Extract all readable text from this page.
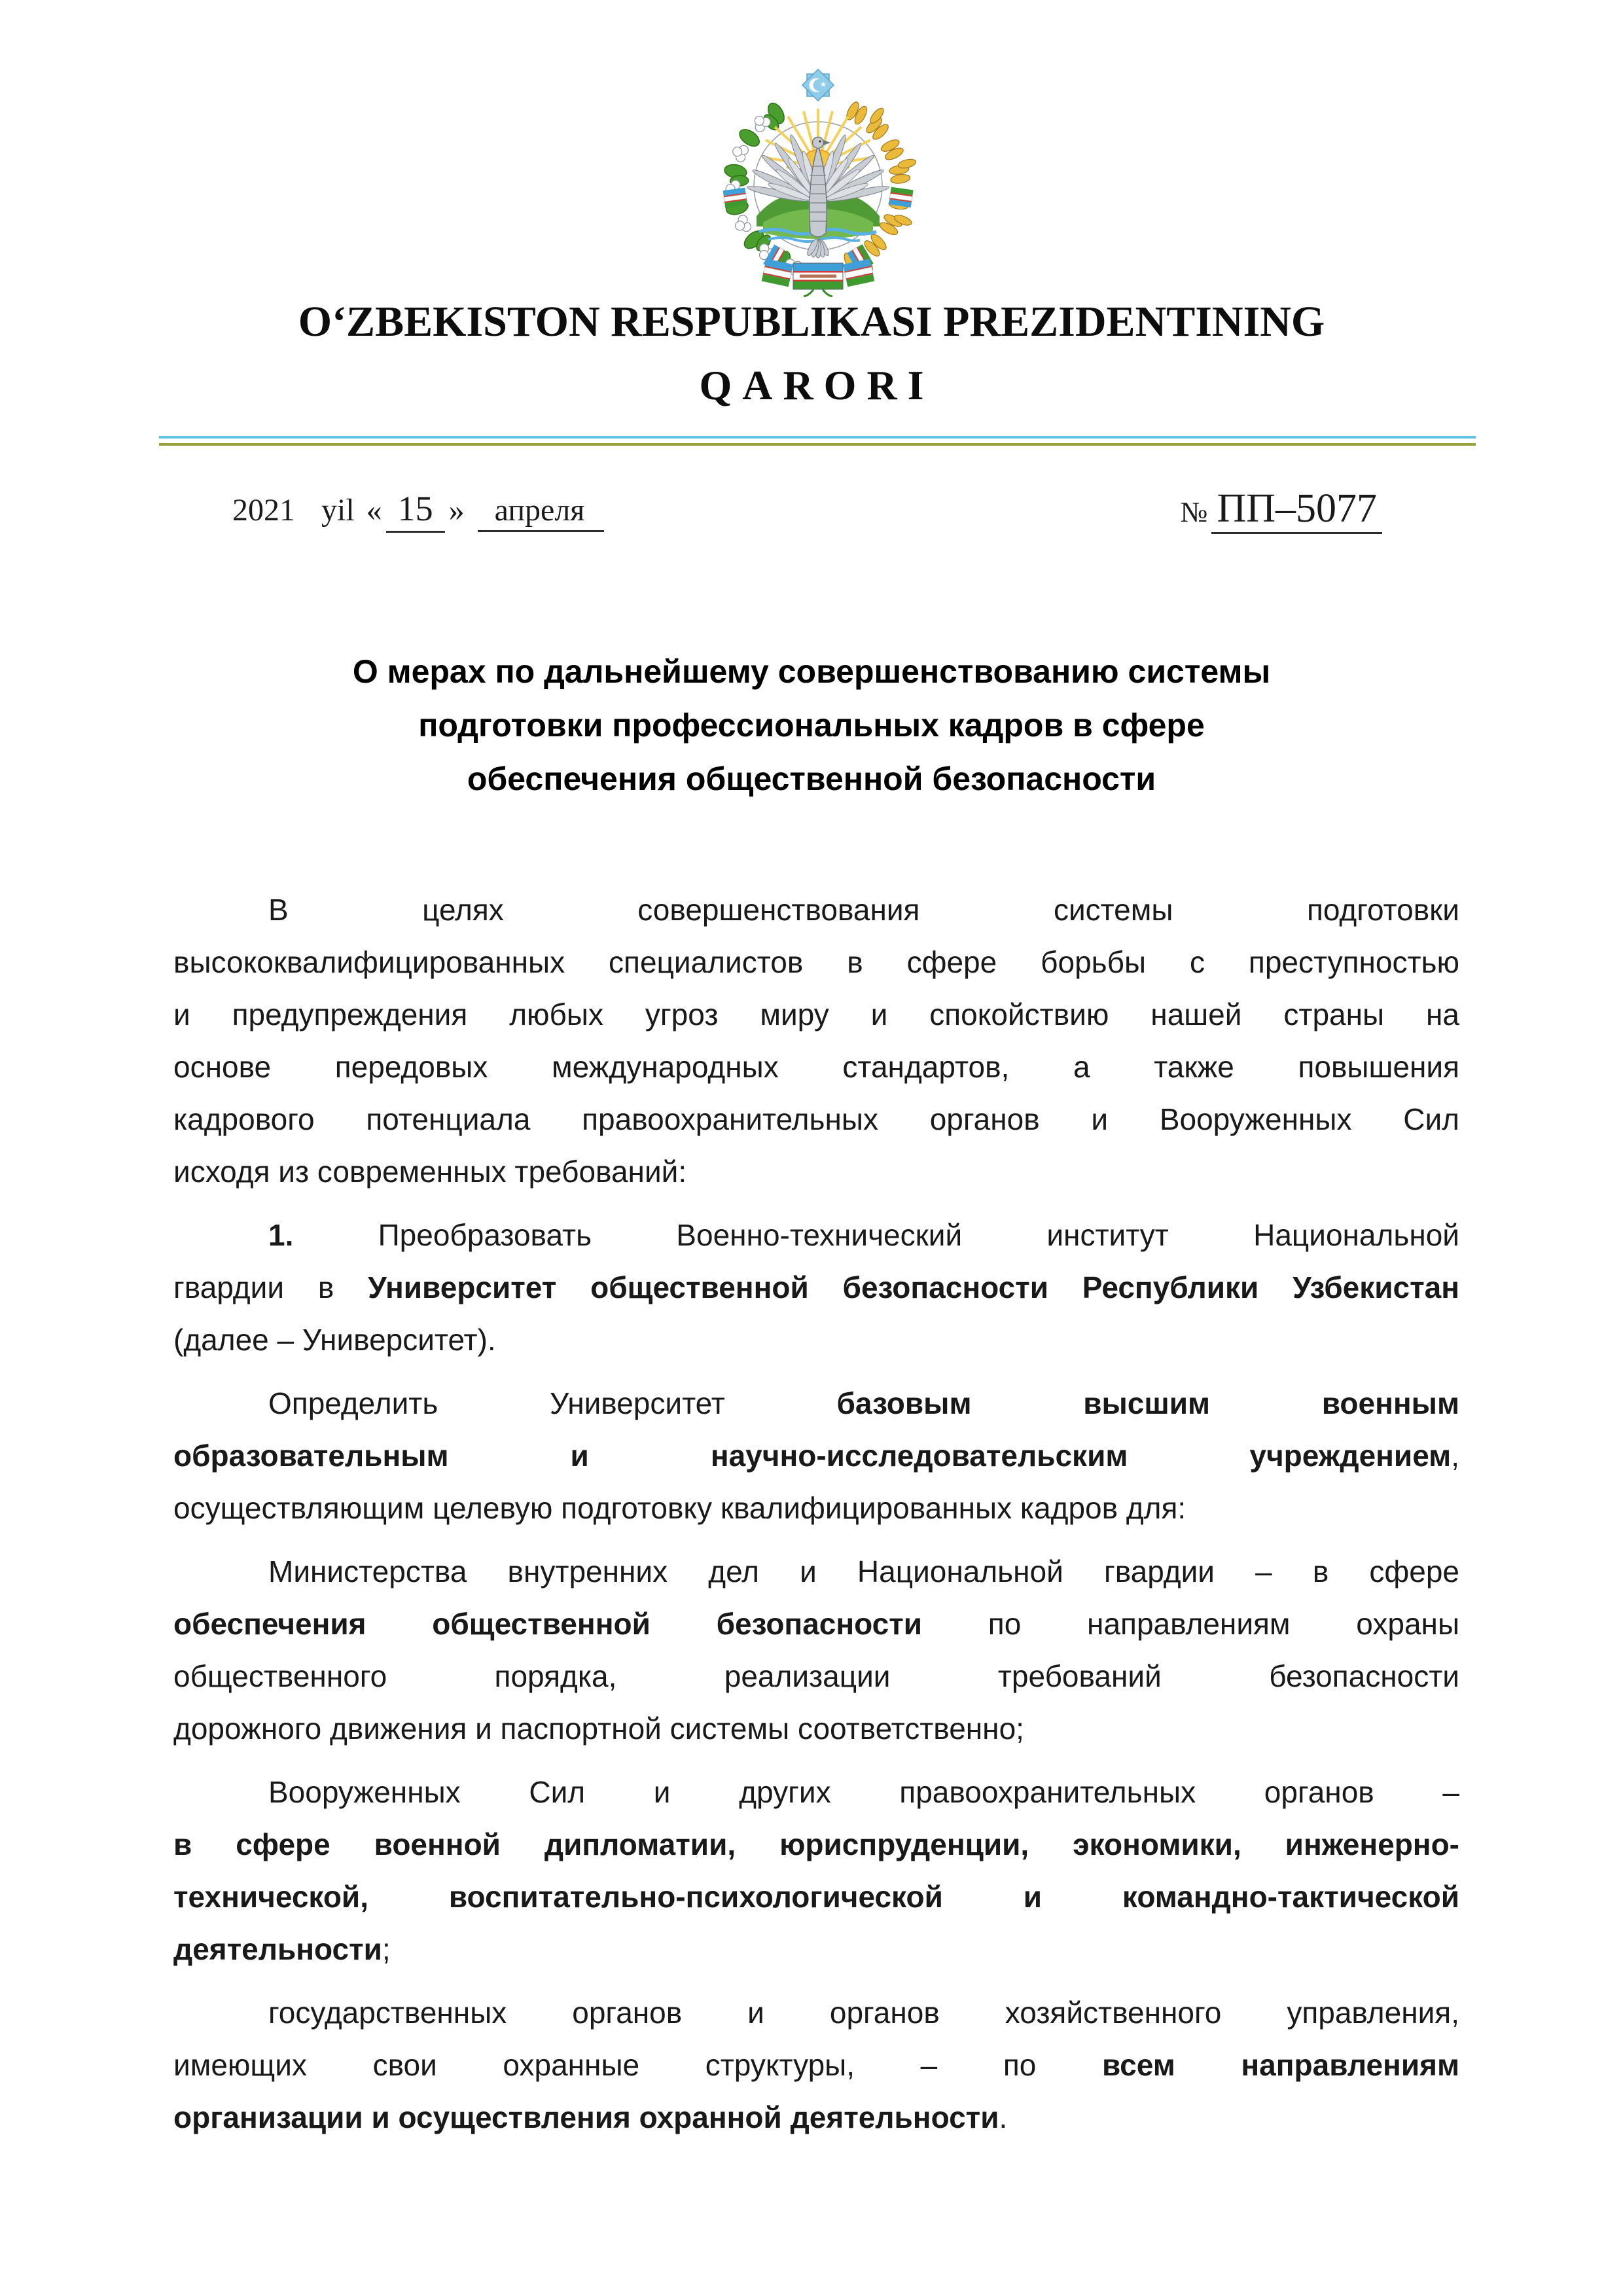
O‘ZBEKISTON RESPUBLIKASI PREZIDENTINING
QARORI
2021 yil « 15 » апреля	№ ПП–5077
О мерах по дальнейшему совершенствованию системы
подготовки профессиональных кадров в сфере
обеспечения общественной безопасности
В целях совершенствования системы подготовки
высококвалифицированных специалистов в сфере борьбы с преступностью
и предупреждения любых угроз миру и спокойствию нашей страны на
основе передовых международных стандартов, а также повышения
кадрового потенциала правоохранительных органов и Вооруженных Сил
исходя из современных требований:
1. Преобразовать Военно-технический институт Национальной
гвардии в Университет общественной безопасности Республики Узбекистан
(далее – Университет).
Определить Университет базовым высшим военным
образовательным и научно-исследовательским учреждением,
осуществляющим целевую подготовку квалифицированных кадров для:
Министерства внутренних дел и Национальной гвардии – в сфере
обеспечения общественной безопасности по направлениям охраны
общественного порядка, реализации требований безопасности
дорожного движения и паспортной системы соответственно;
Вооруженных Сил и других правоохранительных органов –
в сфере военной дипломатии, юриспруденции, экономики, инженерно-
технической, воспитательно-психологической и командно-тактической
деятельности;
государственных органов и органов хозяйственного управления,
имеющих свои охранные структуры, – по всем направлениям
организации и осуществления охранной деятельности.
